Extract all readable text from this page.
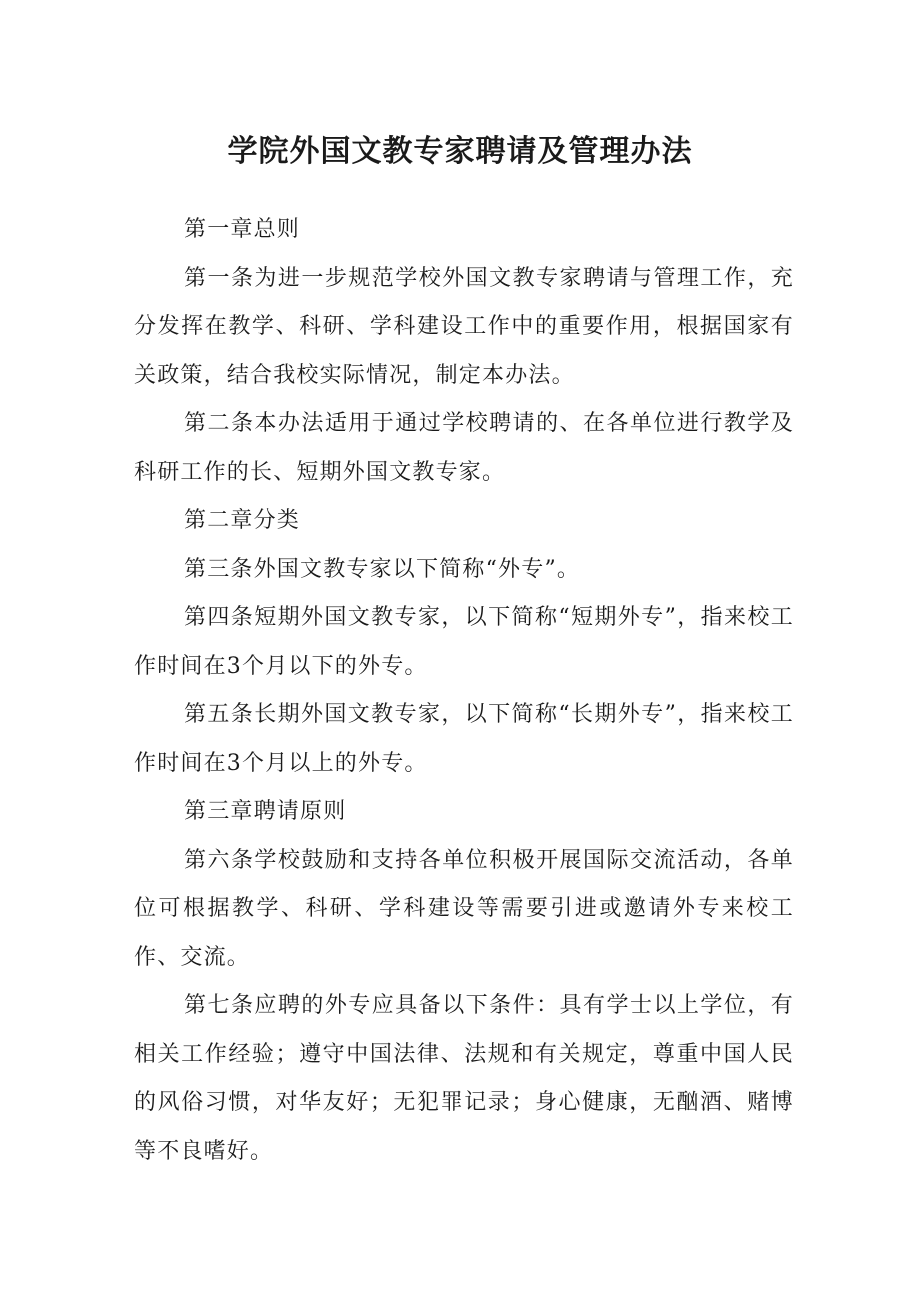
学院外国文教专家聘请及管理办法

第一章总则

第一条为进一步规范学校外国文教专家聘请与管理工作，充分发挥在教学、科研、学科建设工作中的重要作用，根据国家有关政策，结合我校实际情况，制定本办法。

第二条本办法适用于通过学校聘请的、在各单位进行教学及科研工作的长、短期外国文教专家。

第二章分类

第三条外国文教专家以下简称“外专”。

第四条短期外国文教专家，以下简称“短期外专”，指来校工作时间在3个月以下的外专。

第五条长期外国文教专家，以下简称“长期外专”，指来校工作时间在3个月以上的外专。

第三章聘请原则

第六条学校鼓励和支持各单位积极开展国际交流活动，各单位可根据教学、科研、学科建设等需要引进或邀请外专来校工作、交流。

第七条应聘的外专应具备以下条件：具有学士以上学位，有相关工作经验；遵守中国法律、法规和有关规定，尊重中国人民的风俗习惯，对华友好；无犯罪记录；身心健康，无酗酒、赌博等不良嗜好。
